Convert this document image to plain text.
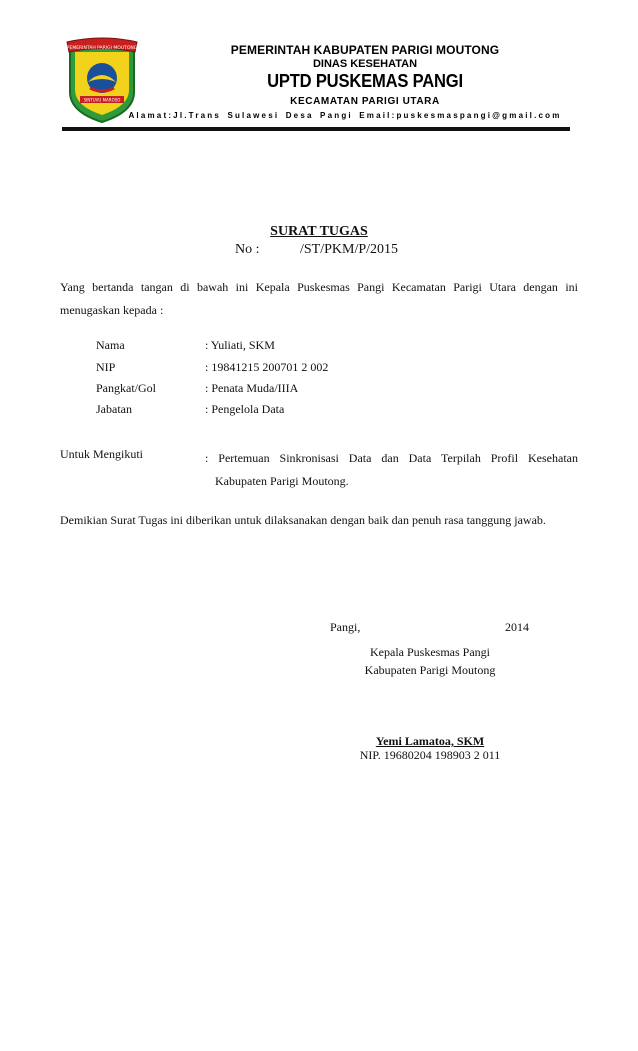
PEMERINTAH PARIGI MOUTONG
SINTUVU MAROSO
PEMERINTAH KABUPATEN PARIGI MOUTONG
DINAS KESEHATAN
UPTD PUSKEMAS PANGI
KECAMATAN PARIGI UTARA
Alamat:Jl.Trans Sulawesi Desa Pangi Email:puskesmaspangi@gmail.com
SURAT TUGAS
No :	/ST/PKM/P/2015
Yang bertanda tangan di bawah ini Kepala Puskesmas Pangi Kecamatan Parigi Utara dengan ini menugaskan kepada :
Nama	: Yuliati, SKM
NIP	: 19841215 200701 2 002
Pangkat/Gol	: Penata Muda/IIIA
Jabatan	: Pengelola Data
Untuk Mengikuti	: Pertemuan Sinkronisasi Data dan Data Terpilah Profil Kesehatan
Kabupaten Parigi Moutong.
Demikian Surat Tugas ini diberikan untuk dilaksanakan dengan baik dan penuh rasa tanggung jawab.
Pangi,	2014
Kepala Puskesmas Pangi
Kabupaten Parigi Moutong
Yemi Lamatoa, SKM
NIP. 19680204 198903 2 011
